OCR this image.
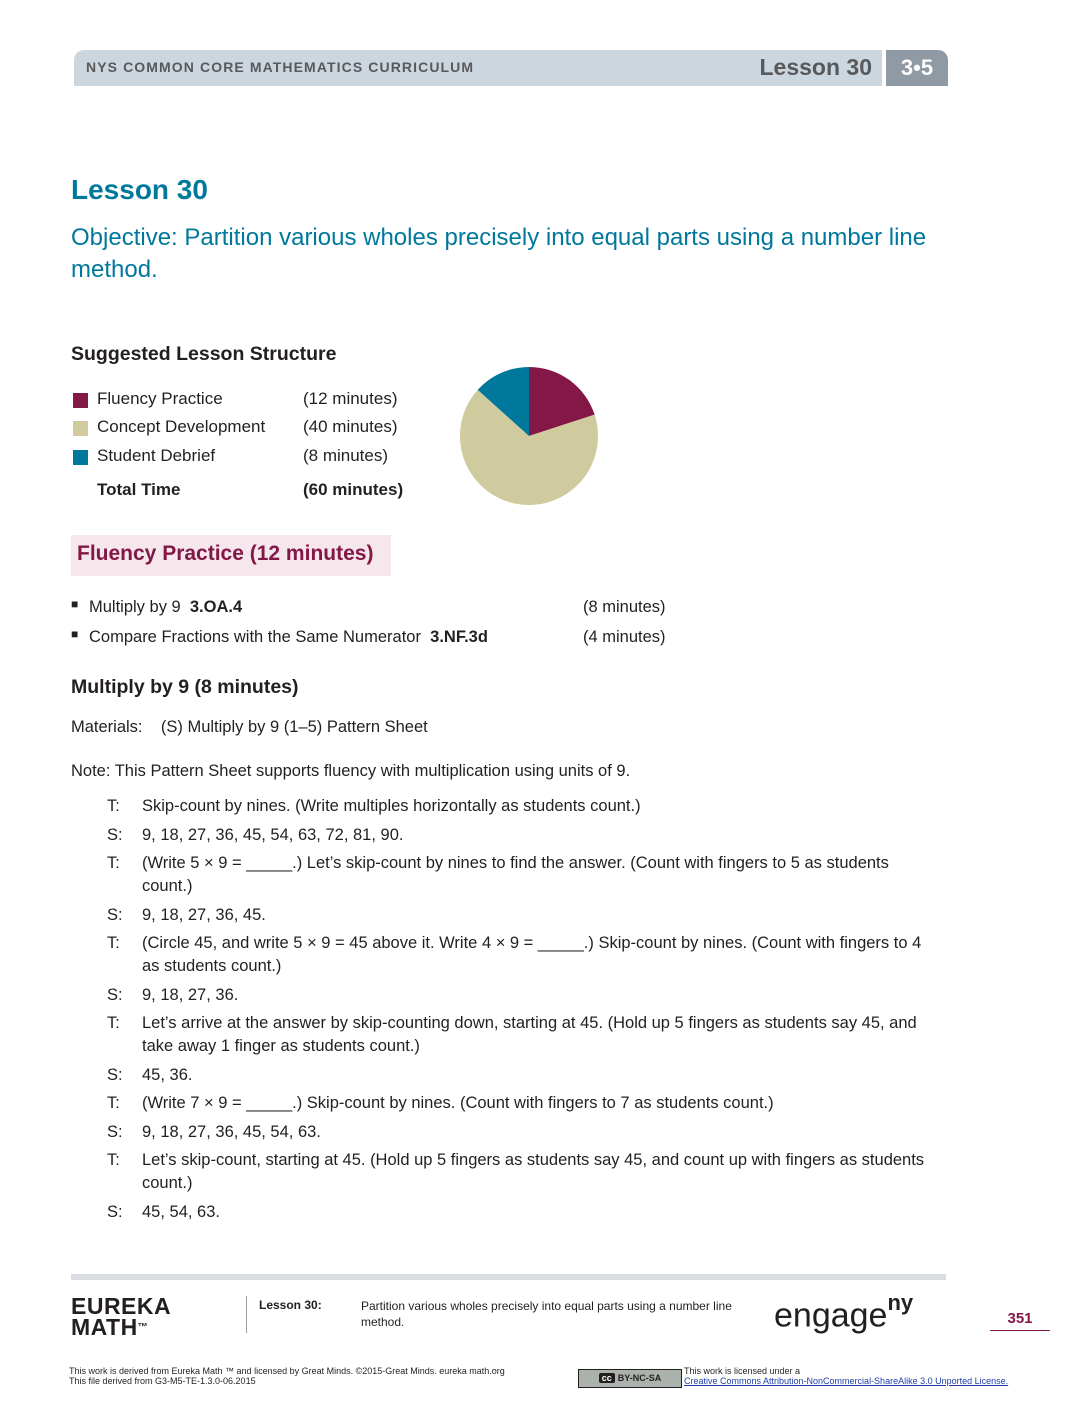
NYS COMMON CORE MATHEMATICS CURRICULUM	Lesson 30	3•5
Lesson 30
Objective: Partition various wholes precisely into equal parts using a number line method.
Suggested Lesson Structure
Fluency Practice	(12 minutes)
Concept Development (40 minutes)
Student Debrief	(8 minutes)
Total Time	(60 minutes)
Fluency Practice (12 minutes)
■ Multiply by 9 3.OA.4	(8 minutes)
■ Compare Fractions with the Same Numerator 3.NF.3d	(4 minutes)
Multiply by 9 (8 minutes)
Materials: (S) Multiply by 9 (1–5) Pattern Sheet
Note: This Pattern Sheet supports fluency with multiplication using units of 9.
T:	Skip-count by nines. (Write multiples horizontally as students count.)
S:	9, 18, 27, 36, 45, 54, 63, 72, 81, 90.
T:	(Write 5 × 9 = _____.) Let’s skip-count by nines to find the answer. (Count with fingers to 5 as students count.)
S:	9, 18, 27, 36, 45.
T:	(Circle 45, and write 5 × 9 = 45 above it. Write 4 × 9 = _____.) Skip-count by nines. (Count with fingers to 4 as students count.)
S:	9, 18, 27, 36.
T:	Let’s arrive at the answer by skip-counting down, starting at 45. (Hold up 5 fingers as students say 45, and take away 1 finger as students count.)
S:	45, 36.
T:	(Write 7 × 9 = _____.) Skip-count by nines. (Count with fingers to 7 as students count.)
S:	9, 18, 27, 36, 45, 54, 63.
T:	Let’s skip-count, starting at 45. (Hold up 5 fingers as students say 45, and count up with fingers as students count.)
S:	45, 54, 63.
EUREKA
MATH™
Lesson 30:	Partition various wholes precisely into equal parts using a number line method.	engage$^{ny}$
351
This work is derived from Eureka Math ™ and licensed by Great Minds. ©2015-Great Minds. eureka math.org
This file derived from G3-M5-TE-1.3.0-06.2015	cc BY-NC-SA
This work is licensed under a
Creative Commons Attribution-NonCommercial-ShareAlike 3.0 Unported License.
